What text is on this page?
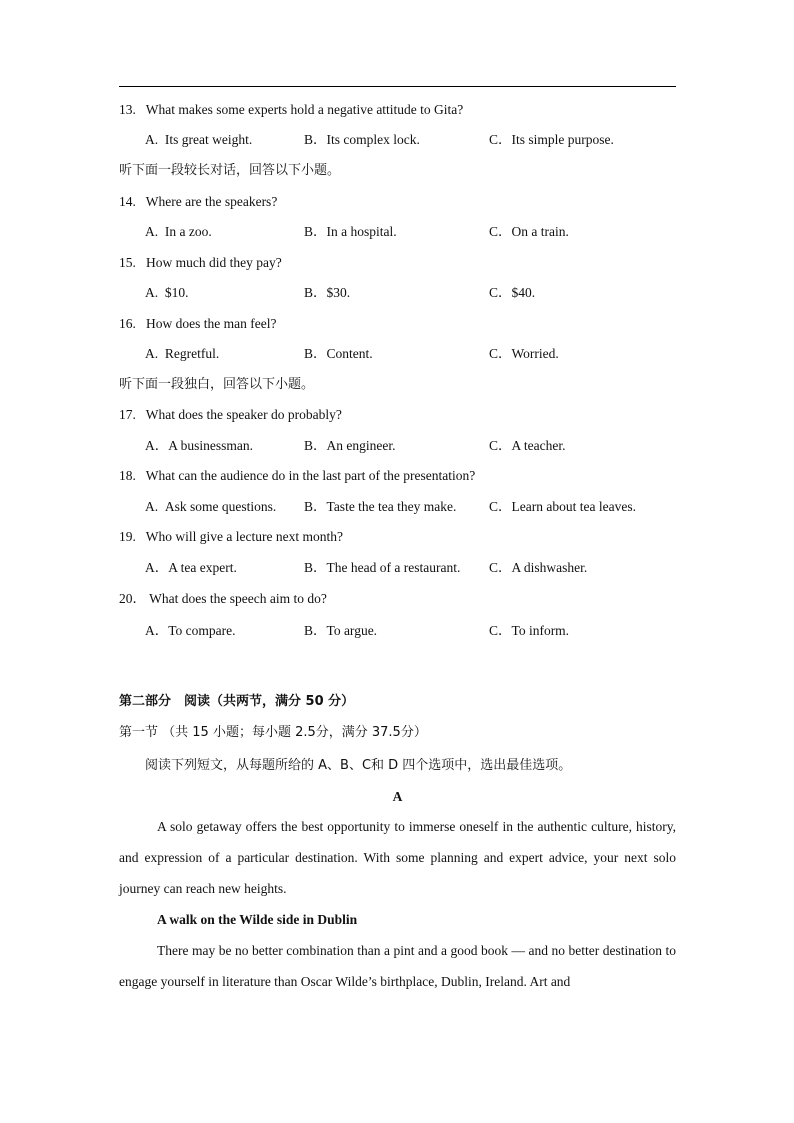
13. What makes some experts hold a negative attitude to Gita?
A. Its great weight.	B．Its complex lock.	C．Its simple purpose.
听下面一段较长对话，回答以下小题。
14. Where are the speakers?
A. In a zoo.	B．In a hospital.	C．On a train.
15. How much did they pay?
A. $10.	B．$30.	C．$40.
16. How does the man feel?
A. Regretful.	B．Content.	C．Worried.
听下面一段独白，回答以下小题。
17. What does the speaker do probably?
A．A businessman.	B．An engineer.	C．A teacher.
18. What can the audience do in the last part of the presentation?
A. Ask some questions. B．Taste the tea they make. C．Learn about tea leaves.
19. Who will give a lecture next month?
A．A tea expert.	B．The head of a restaurant. C．A dishwasher.
20． What does the speech aim to do?
A．To compare.	B．To argue.	C．To inform.
第二部分　阅读（共两节，满分 50 分）
第一节 （共 15 小题；每小题 2.5分，满分 37.5分）
阅读下列短文，从每题所给的 A、B、C和 D 四个选项中，选出最佳选项。
A
A solo getaway offers the best opportunity to immerse oneself in the authentic culture, history, and expression of a particular destination. With some planning and expert advice, your next solo journey can reach new heights.
A walk on the Wilde side in Dublin
There may be no better combination than a pint and a good book — and no better destination to engage yourself in literature than Oscar Wilde’s birthplace, Dublin, Ireland. Art and
